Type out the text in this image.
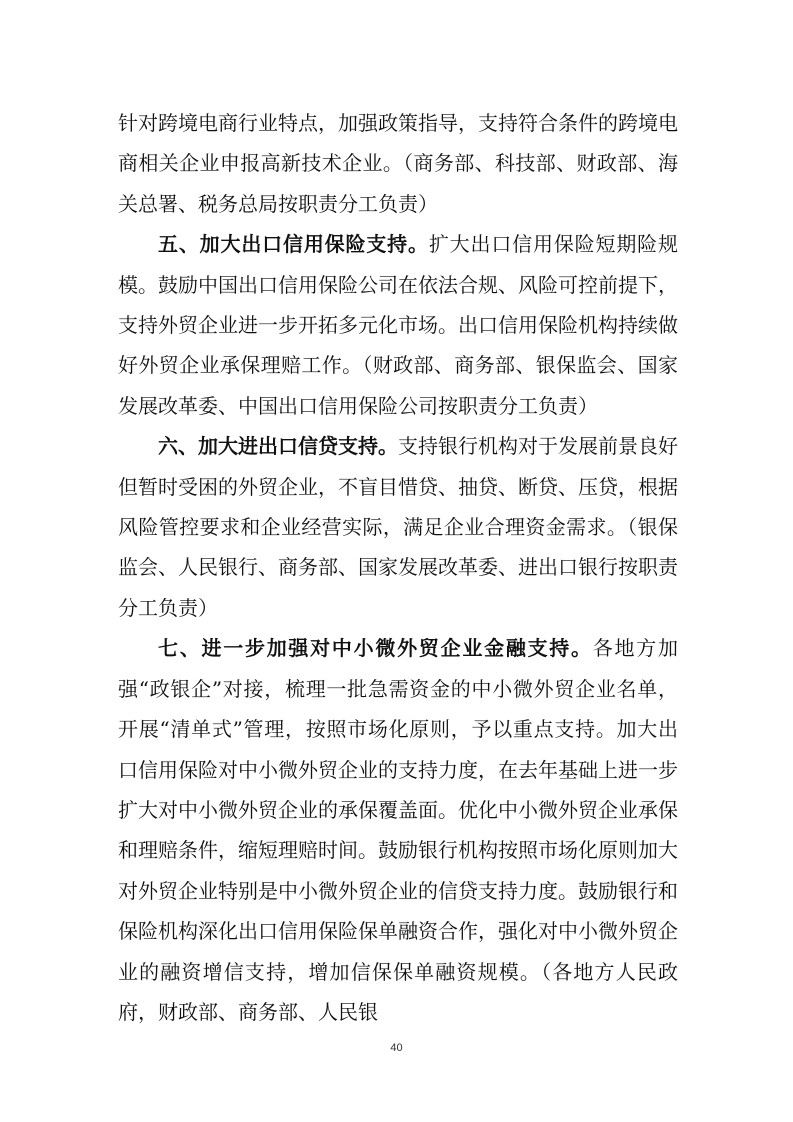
针对跨境电商行业特点，加强政策指导，支持符合条件的跨境电商相关企业申报高新技术企业。（商务部、科技部、财政部、海关总署、税务总局按职责分工负责）

五、加大出口信用保险支持。扩大出口信用保险短期险规模。鼓励中国出口信用保险公司在依法合规、风险可控前提下，支持外贸企业进一步开拓多元化市场。出口信用保险机构持续做好外贸企业承保理赔工作。（财政部、商务部、银保监会、国家发展改革委、中国出口信用保险公司按职责分工负责）

六、加大进出口信贷支持。支持银行机构对于发展前景良好但暂时受困的外贸企业，不盲目惜贷、抽贷、断贷、压贷，根据风险管控要求和企业经营实际，满足企业合理资金需求。（银保监会、人民银行、商务部、国家发展改革委、进出口银行按职责分工负责）

七、进一步加强对中小微外贸企业金融支持。各地方加强“政银企”对接，梳理一批急需资金的中小微外贸企业名单，开展“清单式”管理，按照市场化原则，予以重点支持。加大出口信用保险对中小微外贸企业的支持力度，在去年基础上进一步扩大对中小微外贸企业的承保覆盖面。优化中小微外贸企业承保和理赔条件，缩短理赔时间。鼓励银行机构按照市场化原则加大对外贸企业特别是中小微外贸企业的信贷支持力度。鼓励银行和保险机构深化出口信用保险保单融资合作，强化对中小微外贸企业的融资增信支持，增加信保保单融资规模。（各地方人民政府，财政部、商务部、人民银

40
